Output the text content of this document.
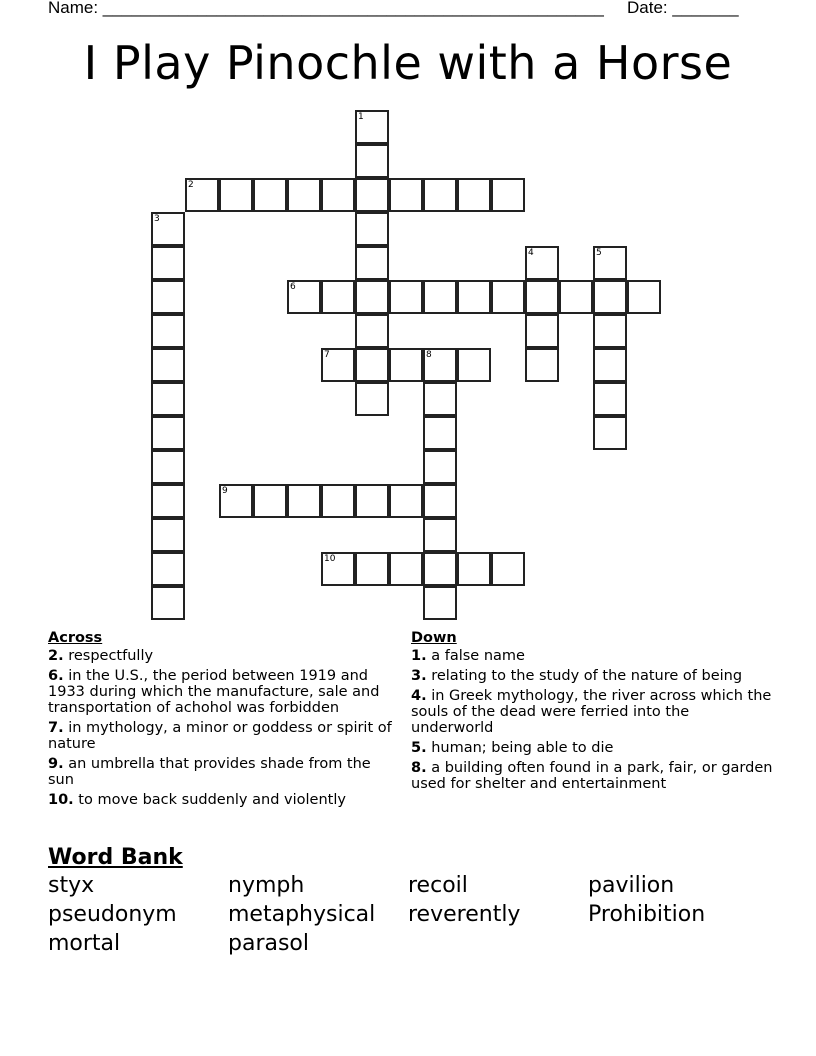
Name: _____________________________________________________ Date: _______
I Play Pinochle with a Horse
1
2
3
4	5
6
7	8
9
10
Across
2. respectfully
6. in the U.S., the period between 1919 and 1933 during which the manufacture, sale and transportation of achohol was forbidden
7. in mythology, a minor or goddess or spirit of nature
9. an umbrella that provides shade from the sun
10. to move back suddenly and violently
Down
1. a false name
3. relating to the study of the nature of being
4. in Greek mythology, the river across which the souls of the dead were ferried into the underworld
5. human; being able to die
8. a building often found in a park, fair, or garden used for shelter and entertainment
Word Bank
styx	nymph	recoil	pavilion
pseudonym	metaphysical	reverently	Prohibition
mortal	parasol
